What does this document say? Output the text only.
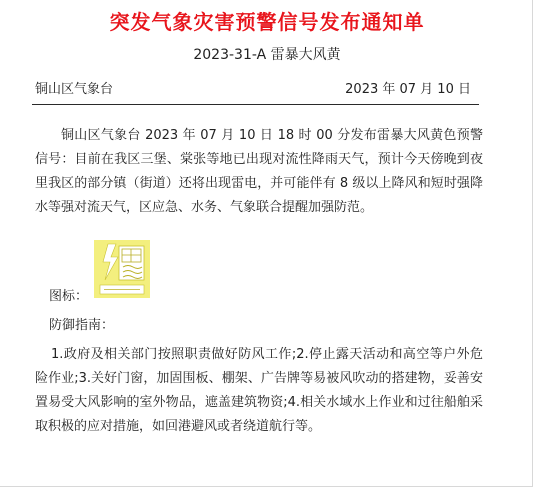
突发气象灾害预警信号发布通知单
2023-31-A 雷暴大风黄
铜山区气象台	2023 年 07 月 10 日
铜山区气象台 2023 年 07 月 10 日 18 时 00 分发布雷暴大风黄色预警信号：目前在我区三堡、棠张等地已出现对流性降雨天气，预计今天傍晚到夜里我区的部分镇（街道）还将出现雷电，并可能伴有 8 级以上降风和短时强降水等强对流天气，区应急、水务、气象联合提醒加强防范。
图标：
防御指南：
1.政府及相关部门按照职责做好防风工作;2.停止露天活动和高空等户外危险作业;3.关好门窗，加固围板、棚架、广告牌等易被风吹动的搭建物，妥善安置易受大风影响的室外物品，遮盖建筑物资;4.相关水域水上作业和过往船舶采取积极的应对措施，如回港避风或者绕道航行等。
